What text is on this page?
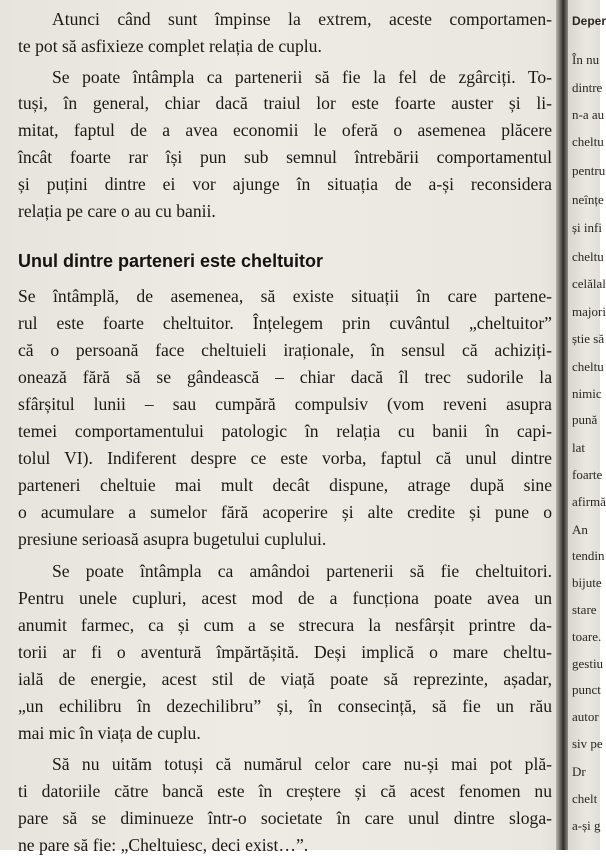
Atunci când sunt împinse la extrem, aceste comportamen-
te pot să asfixieze complet relația de cuplu.
Se poate întâmpla ca partenerii să fie la fel de zgârciți. To-
tuși, în general, chiar dacă traiul lor este foarte auster și li-
mitat, faptul de a avea economii le oferă o asemenea plăcere
încât foarte rar își pun sub semnul întrebării comportamentul
și puțini dintre ei vor ajunge în situația de a-și reconsidera
relația pe care o au cu banii.
Unul dintre parteneri este cheltuitor
Se întâmplă, de asemenea, să existe situații în care partene-
rul este foarte cheltuitor. Înțelegem prin cuvântul „cheltuitor”
că o persoană face cheltuieli iraționale, în sensul că achiziți-
onează fără să se gândească – chiar dacă îl trec sudorile la
sfârșitul lunii – sau cumpără compulsiv (vom reveni asupra
temei comportamentului patologic în relația cu banii în capi-
tolul VI). Indiferent despre ce este vorba, faptul că unul dintre
parteneri cheltuie mai mult decât dispune, atrage după sine
o acumulare a sumelor fără acoperire și alte credite și pune o
presiune serioasă asupra bugetului cuplului.
Se poate întâmpla ca amândoi partenerii să fie cheltuitori.
Pentru unele cupluri, acest mod de a funcționa poate avea un
anumit farmec, ca și cum a se strecura la nesfârșit printre da-
torii ar fi o aventură împărtășită. Deși implică o mare cheltu-
ială de energie, acest stil de viață poate să reprezinte, așadar,
„un echilibru în dezechilibru” și, în consecință, să fie un rău
mai mic în viața de cuplu.
Să nu uităm totuși că numărul celor care nu-și mai pot plă-
ti datoriile către bancă este în creștere și că acest fenomen nu
pare să se diminueze într-o societate în care unul dintre sloga-
ne pare să fie: „Cheltuiesc, deci exist…”.
Deper
În nu
dintre
n-a au
cheltu
pentru
neînțe
și infi
cheltu
celălal
majori
știe să
cheltu
nimic
pună
lat
foarte
afirmă
An
tendin
bijute
stare
toare.
gestiu
punct
autor
siv pe
Dr
chelt
a-și g
